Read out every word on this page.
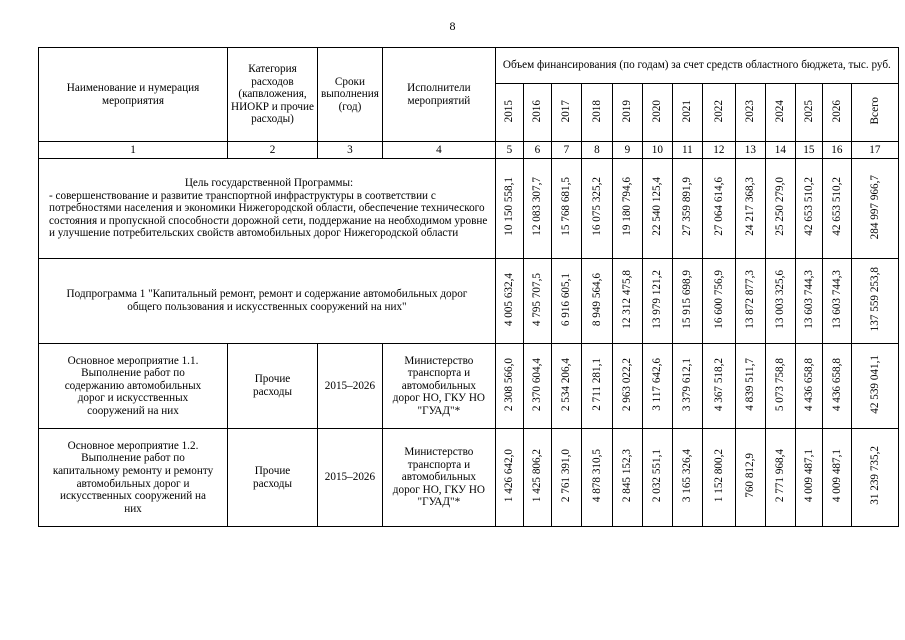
8
Наименование и нумерация мероприятия	Категория расходов (капвложения, НИОКР и прочие расходы)	Сроки выполнения (год)	Исполнители мероприятий	Объем финансирования (по годам) за счет средств областного бюджета, тыс. руб.												

				2015	2016	2017	2018	2019	2020	2021	2022	2023	2024	2025	2026	Всего
1	2	3	4	5	6	7	8	9	10	11	12	13	14	15	16	17

Цель государственной Программы:
- совершенствование и развитие транспортной инфраструктуры в соответствии с потребностями населения и экономики Нижегородской области, обеспечение технического состояния и пропускной способности дорожной сети, поддержание на необходимом уровне и улучшение потребительских свойств автомобильных дорог Нижегородской области				10 150 558,1	12 083 307,7	15 768 681,5	16 075 325,2	19 180 794,6	22 540 125,4	27 359 891,9	27 064 614,6	24 217 368,3	25 250 279,0	42 653 510,2	42 653 510,2	284 997 966,7

Подпрограмма 1 "Капитальный ремонт, ремонт и содержание автомобильных дорог общего пользования и искусственных сооружений на них"				4 005 632,4	4 795 707,5	6 916 605,1	8 949 564,6	12 312 475,8	13 979 121,2	15 915 698,9	16 600 756,9	13 872 877,3	13 003 325,6	13 603 744,3	13 603 744,3	137 559 253,8

Основное мероприятие 1.1. Выполнение работ по содержанию автомобильных дорог и искусственных сооружений на них	Прочие расходы	2015–2026	Министерство транспорта и автомобильных дорог НО, ГКУ НО "ГУАД"*	2 308 566,0	2 370 604,4	2 534 206,4	2 711 281,1	2 963 022,2	3 117 642,6	3 379 612,1	4 367 518,2	4 839 511,7	5 073 758,8	4 436 658,8	4 436 658,8	42 539 041,1

Основное мероприятие 1.2. Выполнение работ по капитальному ремонту и ремонту автомобильных дорог и искусственных сооружений на них	Прочие расходы	2015–2026	Министерство транспорта и автомобильных дорог НО, ГКУ НО "ГУАД"*	1 426 642,0	1 425 806,2	2 761 391,0	4 878 310,5	2 845 152,3	2 032 551,1	3 165 326,4	1 152 800,2	760 812,9	2 771 968,4	4 009 487,1	4 009 487,1	31 239 735,2
